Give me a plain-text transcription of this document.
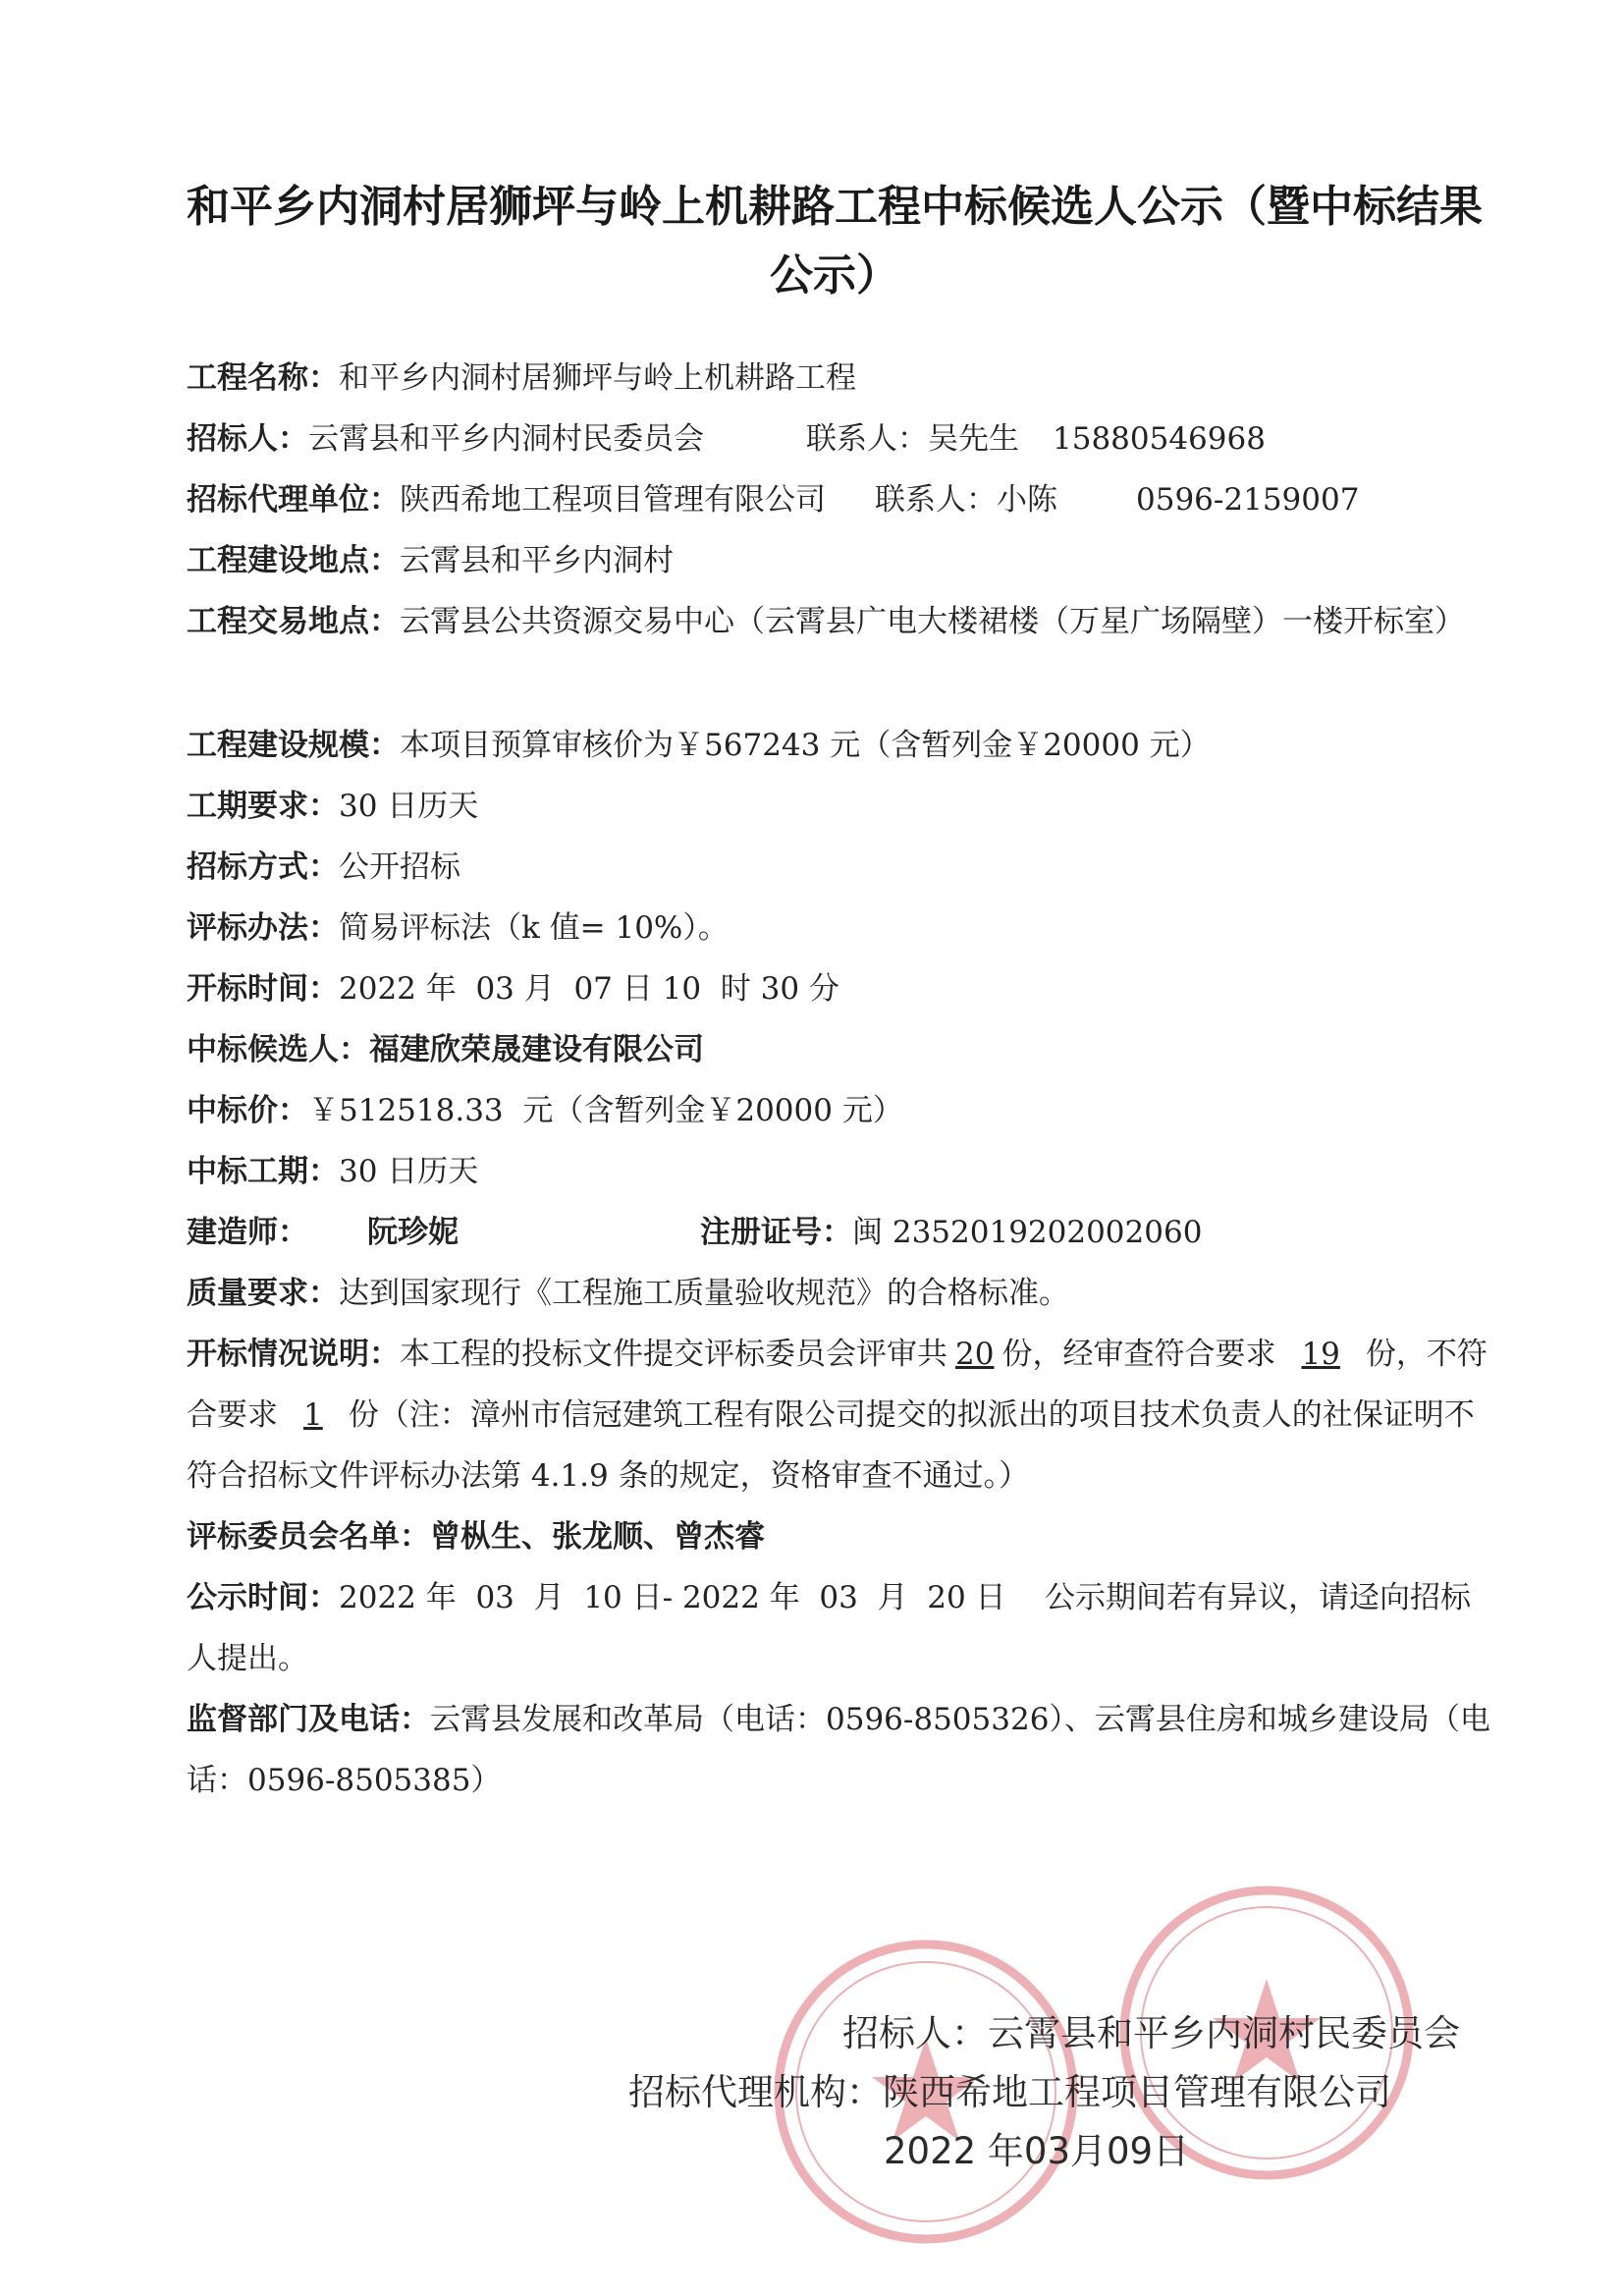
和平乡内洞村居狮坪与岭上机耕路工程中标候选人公示（暨中标结果公示）
工程名称：和平乡内洞村居狮坪与岭上机耕路工程
招标人：云霄县和平乡内洞村民委员会	联系人：吴先生 15880546968
招标代理单位：陕西希地工程项目管理有限公司 联系人：小陈	0596-2159007
工程建设地点：云霄县和平乡内洞村
工程交易地点：云霄县公共资源交易中心（云霄县广电大楼裙楼（万星广场隔壁）一楼开标室）
工程建设规模：本项目预算审核价为￥567243 元（含暂列金￥20000 元）
工期要求：30 日历天
招标方式：公开招标
评标办法：简易评标法（k 值= 10%）。
开标时间：2022 年  03 月  07 日 10  时 30 分
中标候选人：福建欣荣晟建设有限公司
中标价：￥512518.33  元（含暂列金￥20000 元）
中标工期：30 日历天
建造师： 阮珍妮	注册证号：闽 2352019202002060
质量要求：达到国家现行《工程施工质量验收规范》的合格标准。
开标情况说明：本工程的投标文件提交评标委员会评审共 20 份，经审查符合要求 19 份，不符合要求 1 份（注：漳州市信冠建筑工程有限公司提交的拟派出的项目技术负责人的社保证明不符合招标文件评标办法第 4.1.9 条的规定，资格审查不通过。）
评标委员会名单：曾枞生、张龙顺、曾杰睿
公示时间：2022 年  03  月  10 日- 2022 年  03  月  20 日    公示期间若有异议，请迳向招标人提出。
监督部门及电话：云霄县发展和改革局（电话：0596-8505326）、云霄县住房和城乡建设局（电话：0596-8505385）
招标人：云霄县和平乡内洞村民委员会
招标代理机构：陕西希地工程项目管理有限公司
2022 年03月09日
